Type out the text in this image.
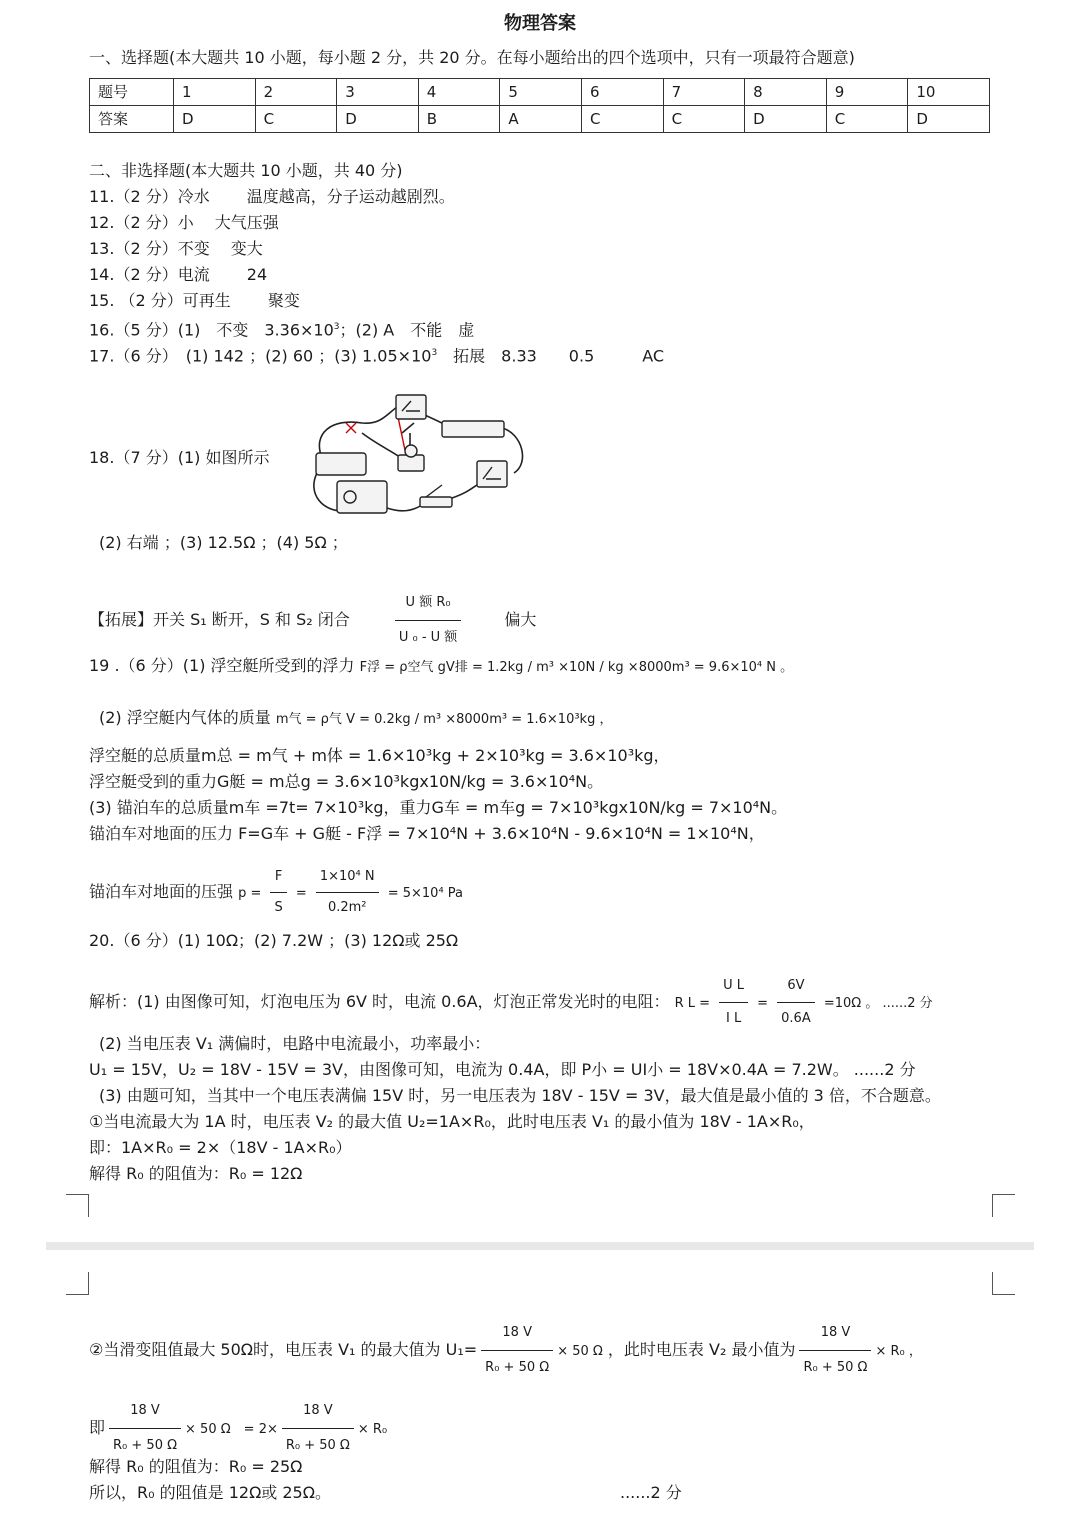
物理答案
一、选择题(本大题共 10 小题，每小题 2 分，共 20 分。在每小题给出的四个选项中，只有一项最符合题意)
题号	1	2	3	4	5	6	7	8	9	10
答案	D	C	D	B	A	C	C	D	C	D
二、非选择题(本大题共 10 小题，共 40 分)
11.（2 分）冷水　　 温度越高，分子运动越剧烈。
12.（2 分）小　 大气压强
13.（2 分）不变　 变大
14.（2 分）电流　　 24
15. （2 分）可再生　　 聚变
16.（5 分）(1)　不变　$3.36\times 10^3$；(2) A　不能　虚
17.（6 分）　(1) 142 ；(2) 60 ；(3) $1.05\times 10^3$　拓展　8.33　　0.5　　　AC
18.（7 分）(1) 如图所示
(2) 右端 ；(3) 12.5Ω ；(4) 5Ω ；
【拓展】开关 S₁ 断开，S 和 S₂ 闭合	$\frac{\text{U 额 R₀}}{\text{U ₀ - U 额}}$	偏大
19 .（6 分）(1) 浮空艇所受到的浮力 F浮 = ρ空气 gV排 = 1.2kg / m³ ×10N / kg ×8000m³ = 9.6×10⁴ N 。
(2) 浮空艇内气体的质量 m气 = ρ气 V = 0.2kg / m³ ×8000m³ = 1.6×10³kg ，
浮空艇的总质量m总 = m气 + m体 = 1.6×10³kg + 2×10³kg = 3.6×10³kg，
浮空艇受到的重力G艇 = m总g = 3.6×10³kgx10N/kg = 3.6×10⁴N。
(3) 锚泊车的总质量m车 =7t= 7×10³kg，重力G车 = m车g = 7×10³kgx10N/kg = 7×10⁴N。
锚泊车对地面的压力 F=G车 + G艇 - F浮 = 7×10⁴N + 3.6×10⁴N - 9.6×10⁴N = 1×10⁴N，
锚泊车对地面的压强 $p = \frac{F}{S} = \frac{\text{1×10⁴ N}}{\text{0.2m²}} = 5\times 10^4$ Pa
20.（6 分）(1) 10Ω；(2) 7.2W ；(3) 12Ω或 25Ω
解析：(1) 由图像可知，灯泡电压为 6V 时，电流 0.6A，灯泡正常发光时的电阻： R $L = \frac{\text{U L}}{\text{I L}} = \frac{6V}{0.6A} =10\Omega$ 。 ......2 分
(2) 当电压表 V₁ 满偏时，电路中电流最小，功率最小：
U₁ = 15V，U₂ = 18V - 15V = 3V，由图像可知，电流为 0.4A，即 P小 = UI小 = 18V×0.4A = 7.2W。 ......2 分
(3) 由题可知，当其中一个电压表满偏 15V 时，另一电压表为 18V - 15V = 3V，最大值是最小值的 3 倍，不合题意。
①当电流最大为 1A 时，电压表 V₂ 的最大值 U₂=1A×R₀，此时电压表 V₁ 的最小值为 18V - 1A×R₀，
即：1A×R₀ = 2×（18V - 1A×R₀）
解得 R₀ 的阻值为：R₀ = 12Ω
②当滑变阻值最大 50Ω时，电压表 V₁ 的最大值为 $U_1= \frac{18 V}{\text{R₀ + 50 Ω}} \times 50$ Ω ，此时电压表 V₂ 最小值为 $\frac{18 V}{\text{R₀ + 50 Ω}} \times R_0$ ，
即 $\frac{18 V}{\text{R₀ + 50 Ω}} \times 50$ Ω　= $2\times \frac{18 V}{\text{R₀ + 50 Ω}} \times R_0$
解得 R₀ 的阻值为：R₀ = 25Ω
所以，R₀ 的阻值是 12Ω或 25Ω。	......2 分
